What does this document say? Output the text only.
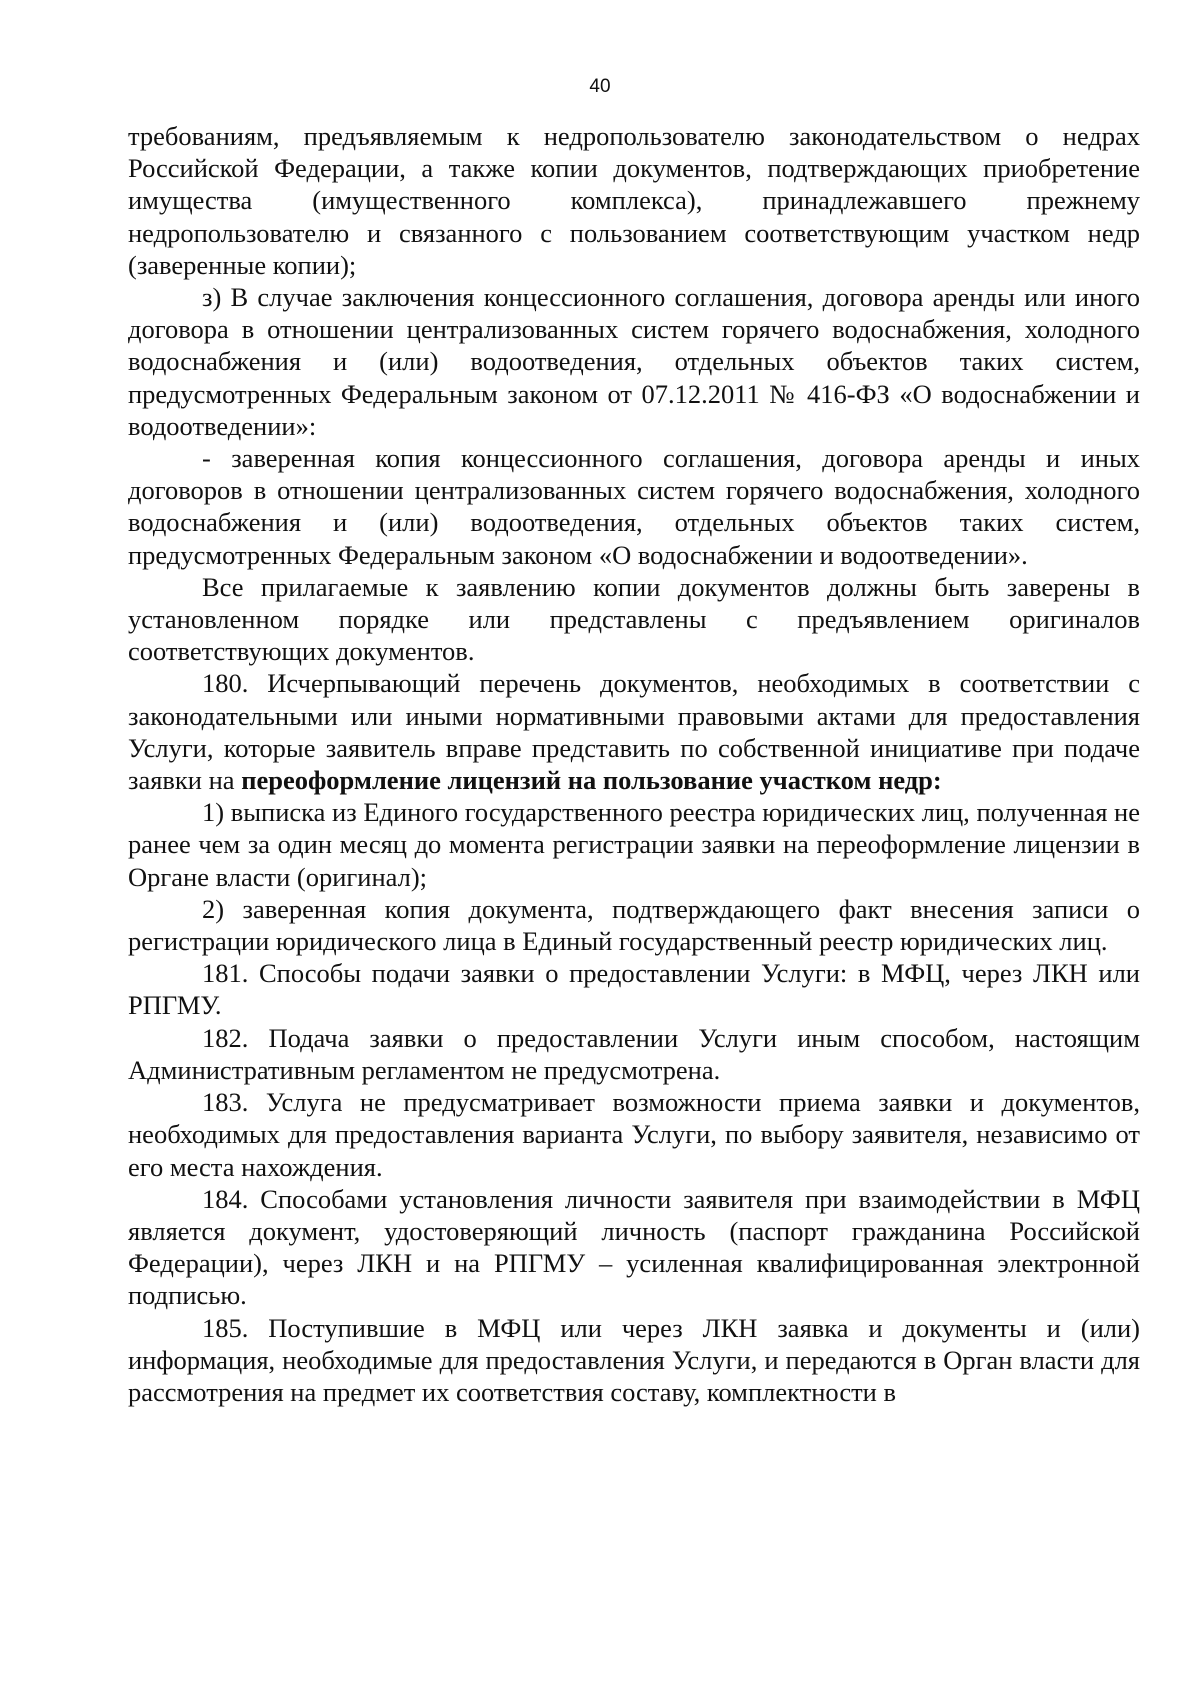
40

требованиям, предъявляемым к недропользователю законодательством о недрах Российской Федерации, а также копии документов, подтверждающих приобретение имущества (имущественного комплекса), принадлежавшего прежнему недропользователю и связанного с пользованием соответствующим участком недр (заверенные копии);

з) В случае заключения концессионного соглашения, договора аренды или иного договора в отношении централизованных систем горячего водоснабжения, холодного водоснабжения и (или) водоотведения, отдельных объектов таких систем, предусмотренных Федеральным законом от 07.12.2011 № 416-ФЗ «О водоснабжении и водоотведении»:

- заверенная копия концессионного соглашения, договора аренды и иных договоров в отношении централизованных систем горячего водоснабжения, холодного водоснабжения и (или) водоотведения, отдельных объектов таких систем, предусмотренных Федеральным законом «О водоснабжении и водоотведении».

Все прилагаемые к заявлению копии документов должны быть заверены в установленном порядке или представлены с предъявлением оригиналов соответствующих документов.

180. Исчерпывающий перечень документов, необходимых в соответствии с законодательными или иными нормативными правовыми актами для предоставления Услуги, которые заявитель вправе представить по собственной инициативе при подаче заявки на переоформление лицензий на пользование участком недр:

1) выписка из Единого государственного реестра юридических лиц, полученная не ранее чем за один месяц до момента регистрации заявки на переоформление лицензии в Органе власти (оригинал);

2) заверенная копия документа, подтверждающего факт внесения записи о регистрации юридического лица в Единый государственный реестр юридических лиц.

181. Способы подачи заявки о предоставлении Услуги: в МФЦ, через ЛКН или РПГМУ.

182. Подача заявки о предоставлении Услуги иным способом, настоящим Административным регламентом не предусмотрена.

183. Услуга не предусматривает возможности приема заявки и документов, необходимых для предоставления варианта Услуги, по выбору заявителя, независимо от его места нахождения.

184. Способами установления личности заявителя при взаимодействии в МФЦ является документ, удостоверяющий личность (паспорт гражданина Российской Федерации), через ЛКН и на РПГМУ – усиленная квалифицированная электронной подписью.

185. Поступившие в МФЦ или через ЛКН заявка и документы и (или) информация, необходимые для предоставления Услуги, и передаются в Орган власти для рассмотрения на предмет их соответствия составу, комплектности в
